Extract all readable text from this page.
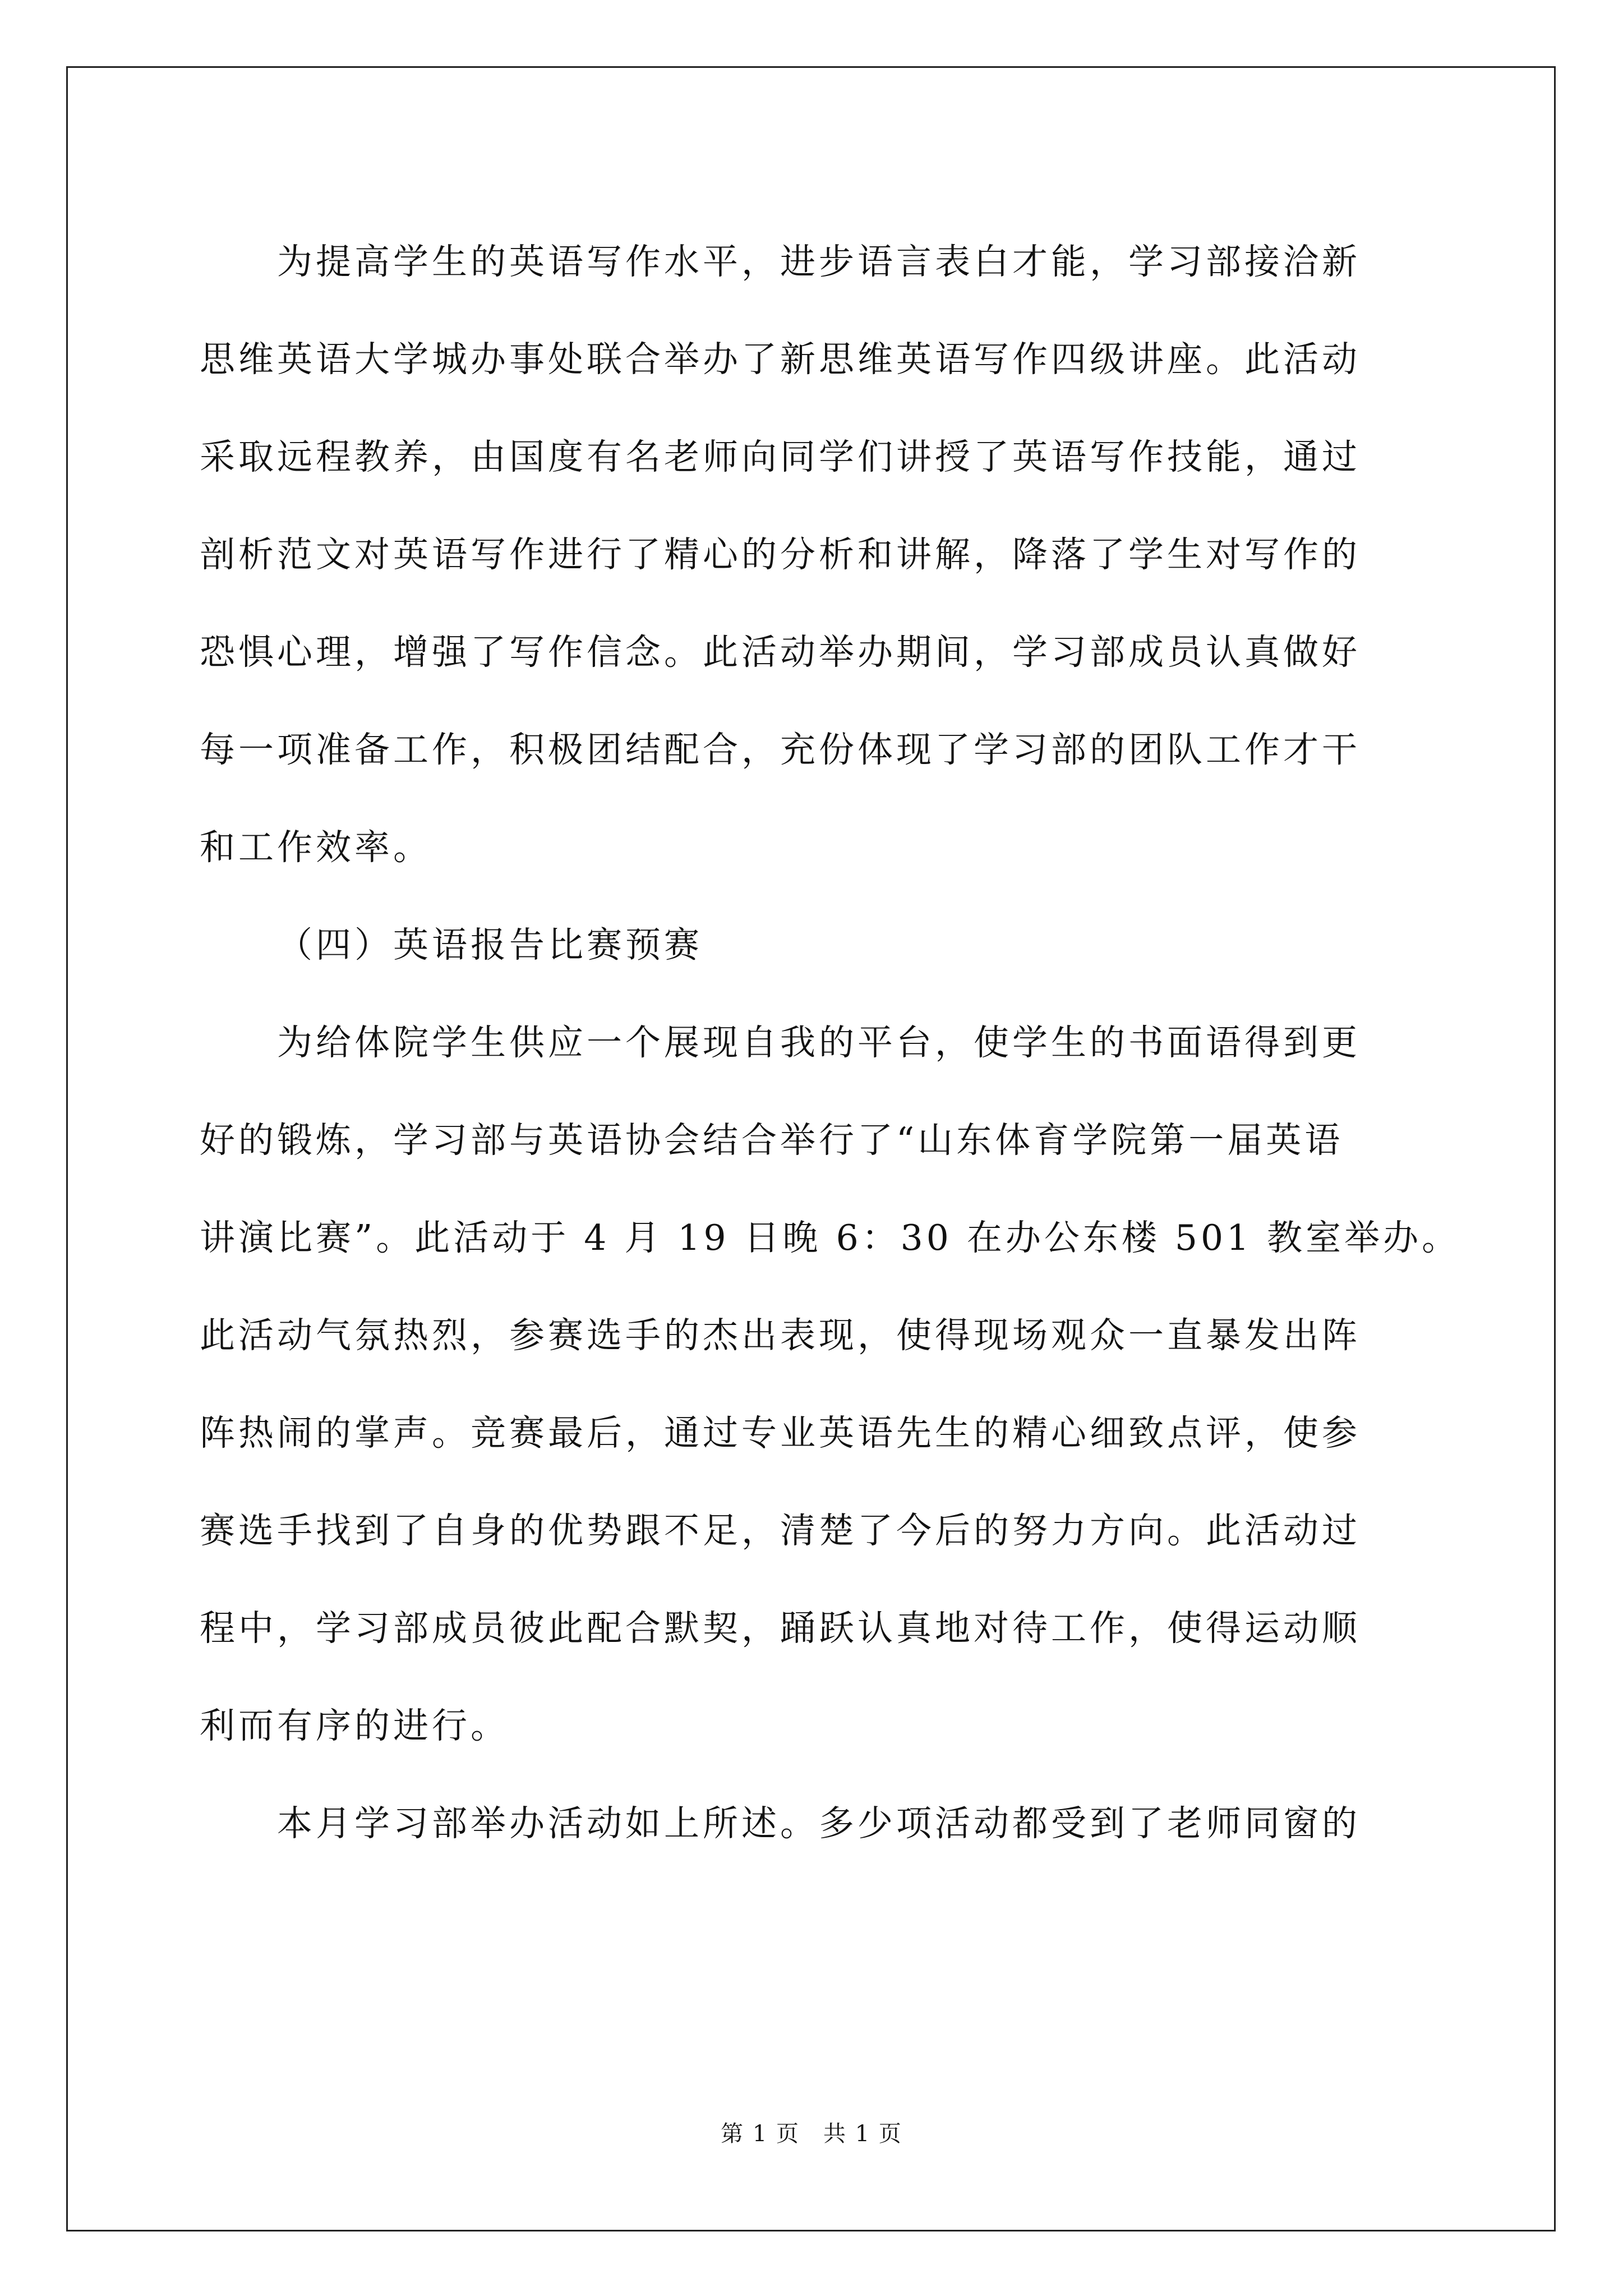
为提高学生的英语写作水平，进步语言表白才能，学习部接洽新
思维英语大学城办事处联合举办了新思维英语写作四级讲座。此活动
采取远程教养，由国度有名老师向同学们讲授了英语写作技能，通过
剖析范文对英语写作进行了精心的分析和讲解，降落了学生对写作的
恐惧心理，增强了写作信念。此活动举办期间，学习部成员认真做好
每一项准备工作，积极团结配合，充份体现了学习部的团队工作才干
和工作效率。

（四）英语报告比赛预赛

为给体院学生供应一个展现自我的平台，使学生的书面语得到更
好的锻炼，学习部与英语协会结合举行了“山东体育学院第一届英语
讲演比赛”。此活动于 4 月 19 日晚 6：30 在办公东楼 501 教室举办。
此活动气氛热烈，参赛选手的杰出表现，使得现场观众一直暴发出阵
阵热闹的掌声。竞赛最后，通过专业英语先生的精心细致点评，使参
赛选手找到了自身的优势跟不足，清楚了今后的努力方向。此活动过
程中，学习部成员彼此配合默契，踊跃认真地对待工作，使得运动顺
利而有序的进行。

本月学习部举办活动如上所述。多少项活动都受到了老师同窗的

第 1 页　共 1 页
